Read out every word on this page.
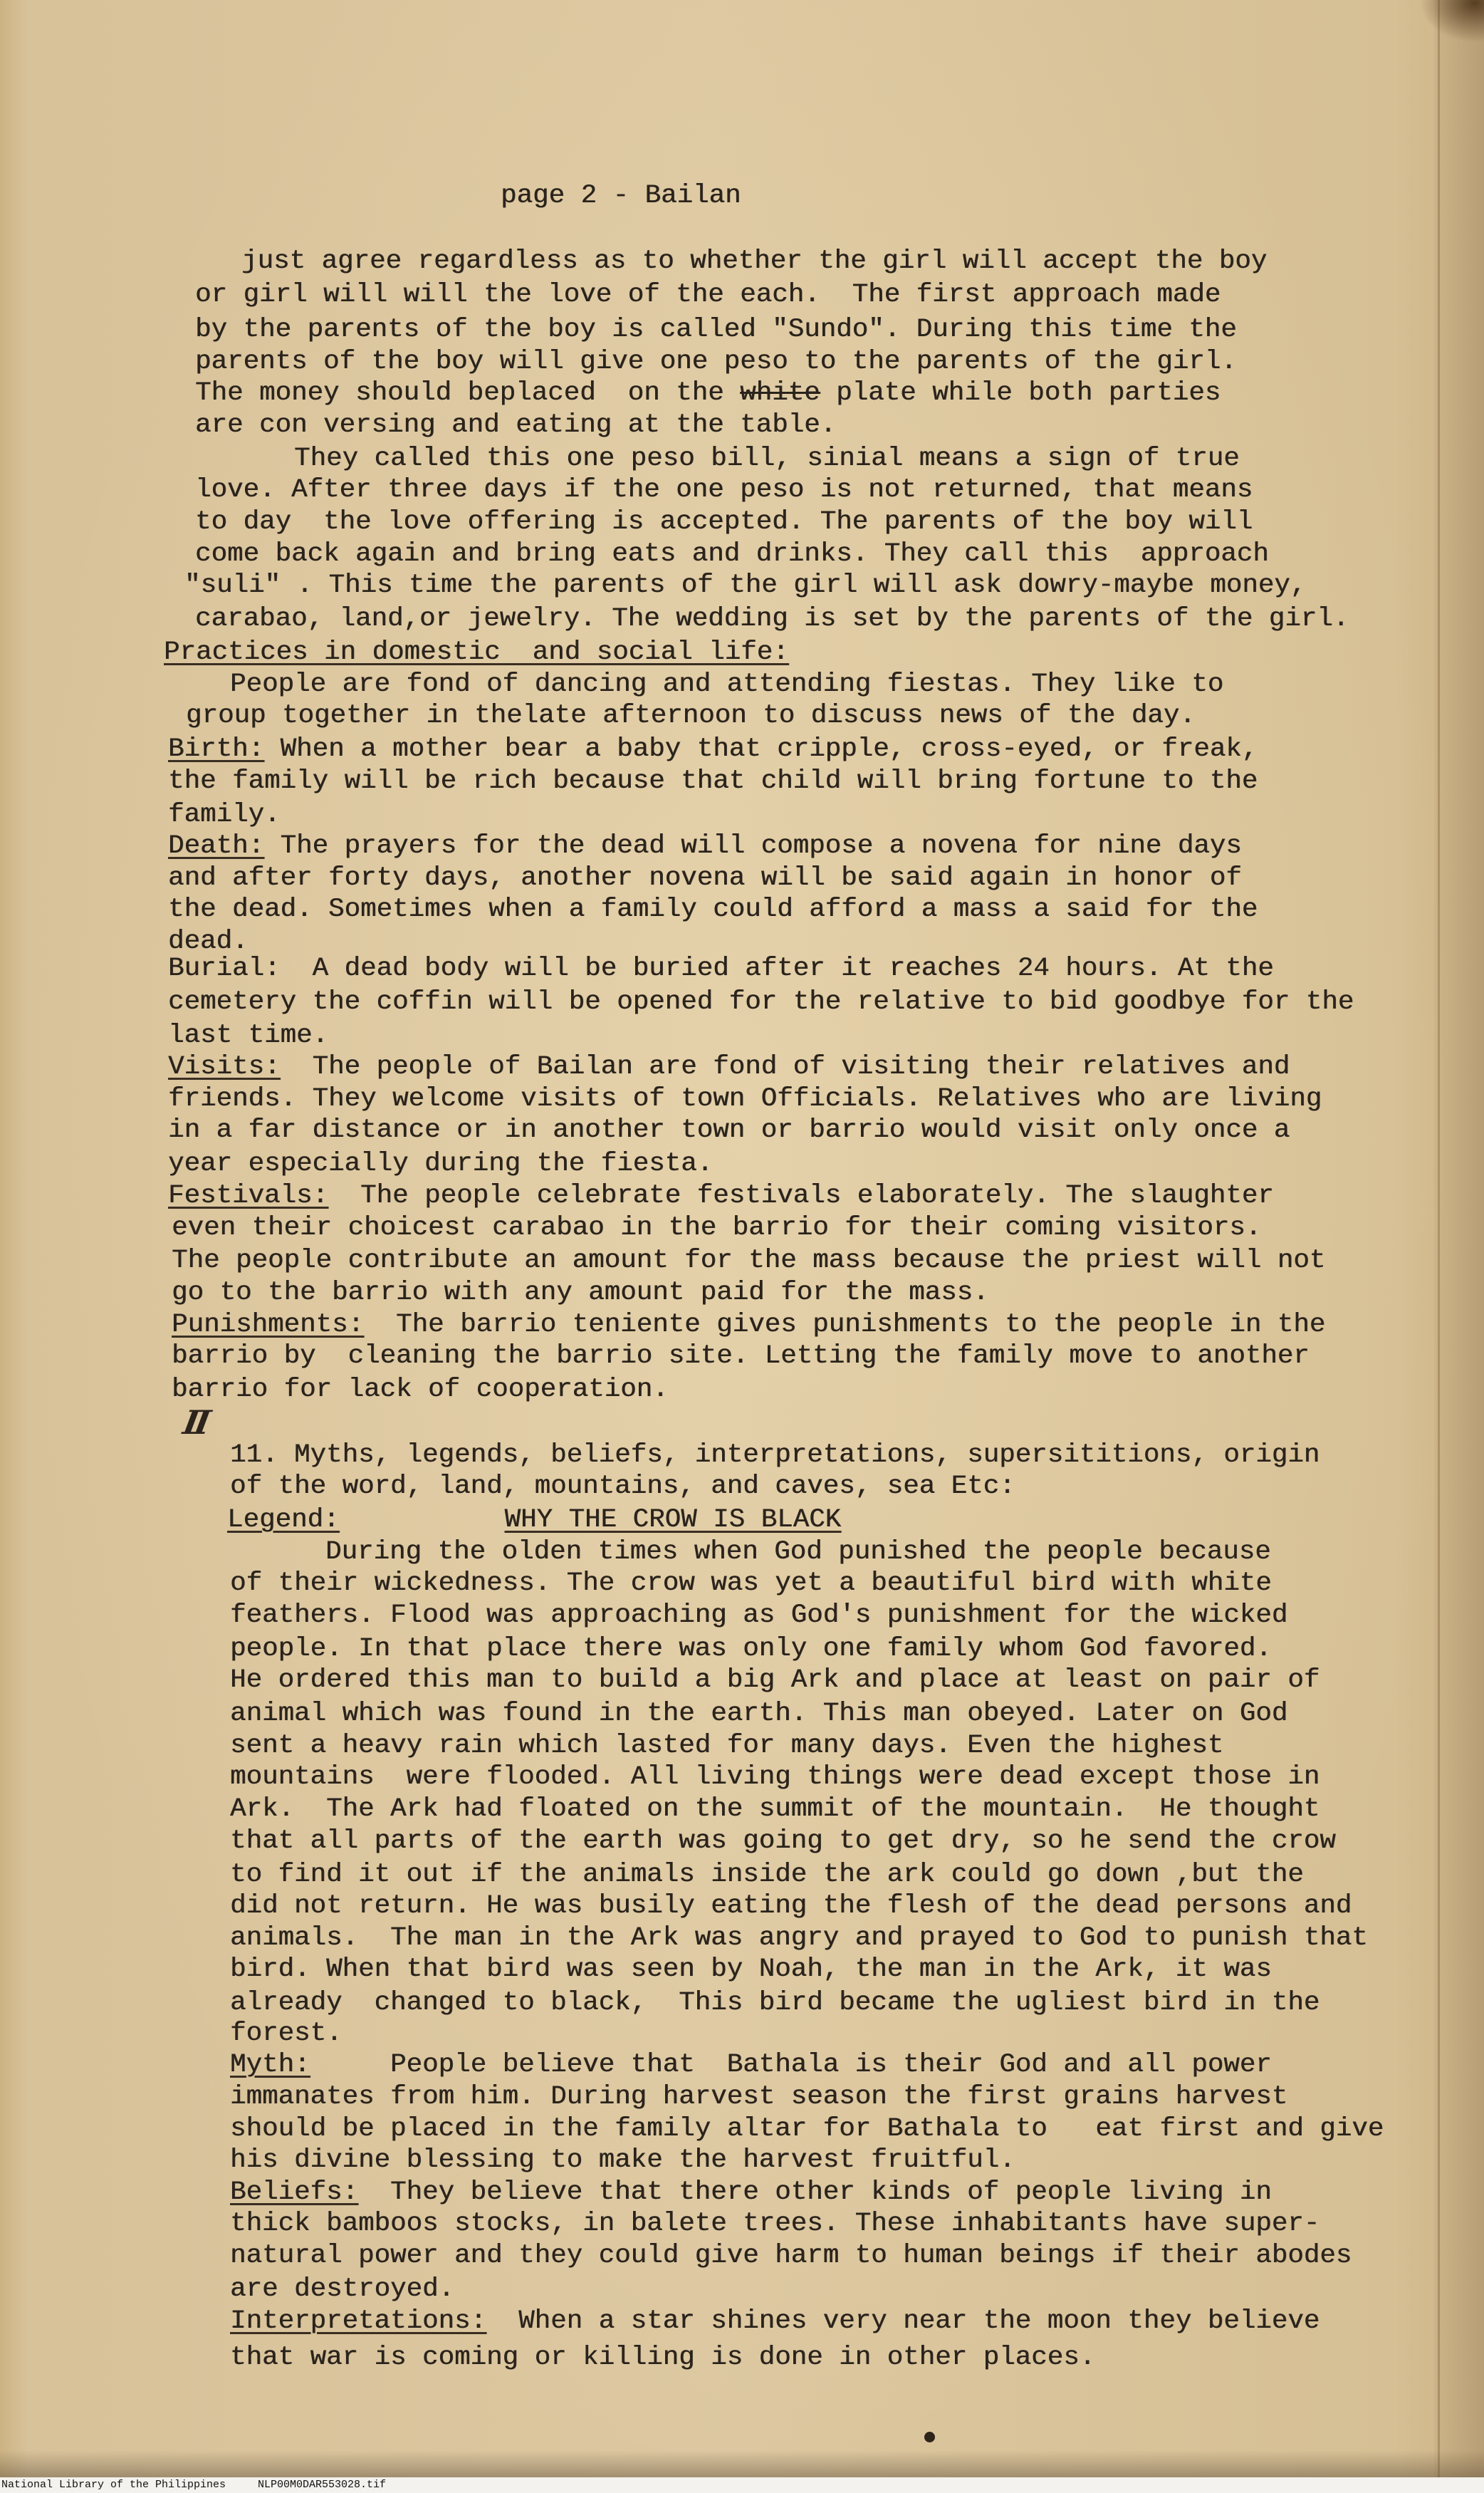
page 2 - Bailan
just agree regardless as to whether the girl will accept the boy
or girl will will the love of the each.  The first approach made
by the parents of the boy is called "Sundo". During this time the
parents of the boy will give one peso to the parents of the girl.
The money should beplaced  on the white plate while both parties
are con versing and eating at the table.
They called this one peso bill, sinial means a sign of true
love. After three days if the one peso is not returned, that means
to day  the love offering is accepted. The parents of the boy will
come back again and bring eats and drinks. They call this  approach
"suli" . This time the parents of the girl will ask dowry-maybe money,
carabao, land,or jewelry. The wedding is set by the parents of the girl.
Practices in domestic  and social life:
People are fond of dancing and attending fiestas. They like to
group together in thelate afternoon to discuss news of the day.
Birth: When a mother bear a baby that cripple, cross-eyed, or freak,
the family will be rich because that child will bring fortune to the
family.
Death: The prayers for the dead will compose a novena for nine days
and after forty days, another novena will be said again in honor of
the dead. Sometimes when a family could afford a mass a said for the
dead.
Burial:  A dead body will be buried after it reaches 24 hours. At the
cemetery the coffin will be opened for the relative to bid goodbye for the
last time.
Visits:  The people of Bailan are fond of visiting their relatives and
friends. They welcome visits of town Officials. Relatives who are living
in a far distance or in another town or barrio would visit only once a
year especially during the fiesta.
Festivals:  The people celebrate festivals elaborately. The slaughter
even their choicest carabao in the barrio for their coming visitors.
The people contribute an amount for the mass because the priest will not
go to the barrio with any amount paid for the mass.
Punishments:  The barrio teniente gives punishments to the people in the
barrio by  cleaning the barrio site. Letting the family move to another
barrio for lack of cooperation.
II
11. Myths, legends, beliefs, interpretations, supersititions, origin
of the word, land, mountains, and caves, sea Etc:
Legend:	WHY THE CROW IS BLACK
During the olden times when God punished the people because
of their wickedness. The crow was yet a beautiful bird with white
feathers. Flood was approaching as God's punishment for the wicked
people. In that place there was only one family whom God favored.
He ordered this man to build a big Ark and place at least on pair of
animal which was found in the earth. This man obeyed. Later on God
sent a heavy rain which lasted for many days. Even the highest
mountains  were flooded. All living things were dead except those in
Ark.  The Ark had floated on the summit of the mountain.  He thought
that all parts of the earth was going to get dry, so he send the crow
to find it out if the animals inside the ark could go down ,but the
did not return. He was busily eating the flesh of the dead persons and
animals.  The man in the Ark was angry and prayed to God to punish that
bird. When that bird was seen by Noah, the man in the Ark, it was
already  changed to black,  This bird became the ugliest bird in the
forest.
Myth:     People believe that  Bathala is their God and all power
immanates from him. During harvest season the first grains harvest
should be placed in the family altar for Bathala to   eat first and give
his divine blessing to make the harvest fruitful.
Beliefs:  They believe that there other kinds of people living in
thick bamboos stocks, in balete trees. These inhabitants have super-
natural power and they could give harm to human beings if their abodes
are destroyed.
Interpretations:  When a star shines very near the moon they believe
that war is coming or killing is done in other places.
National Library of the Philippines	NLP00M0DAR553028.tif
